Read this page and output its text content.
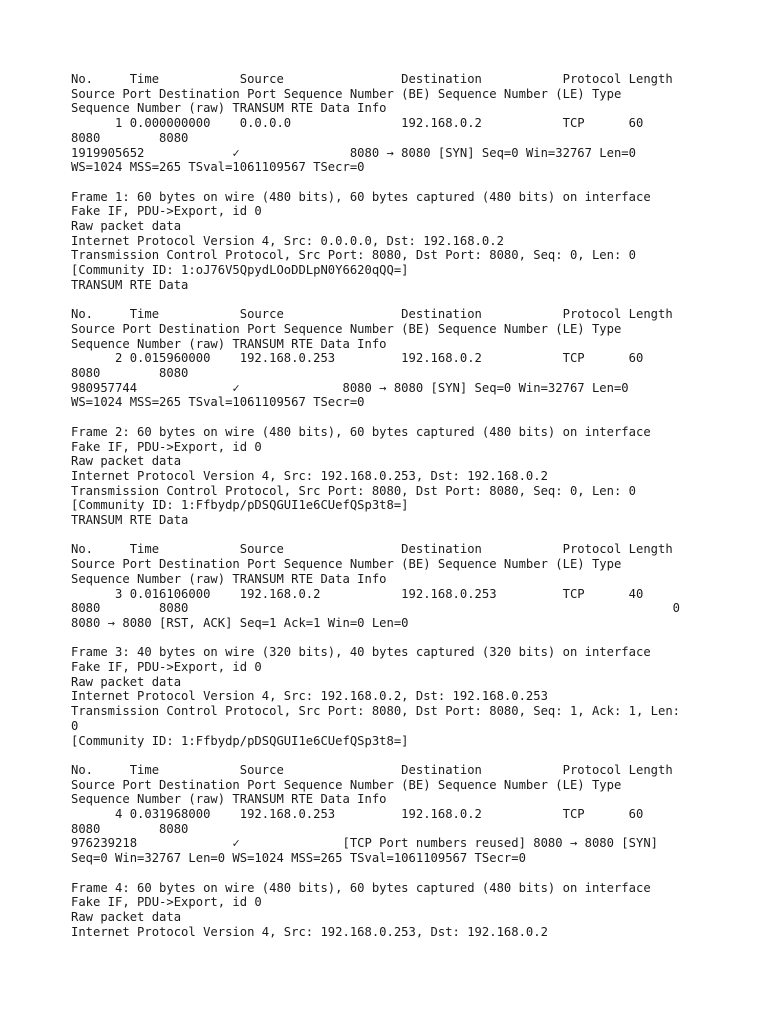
No.     Time           Source                Destination           Protocol Length
Source Port Destination Port Sequence Number (BE) Sequence Number (LE) Type
Sequence Number (raw) TRANSUM RTE Data Info
1 0.000000000    0.0.0.0               192.168.0.2           TCP      60
8080        8080
1919905652            ✓               8080 → 8080 [SYN] Seq=0 Win=32767 Len=0
WS=1024 MSS=265 TSval=1061109567 TSecr=0
Frame 1: 60 bytes on wire (480 bits), 60 bytes captured (480 bits) on interface
Fake IF, PDU->Export, id 0
Raw packet data
Internet Protocol Version 4, Src: 0.0.0.0, Dst: 192.168.0.2
Transmission Control Protocol, Src Port: 8080, Dst Port: 8080, Seq: 0, Len: 0
[Community ID: 1:oJ76V5QpydLOoDDLpN0Y6620qQQ=]
TRANSUM RTE Data
No.     Time           Source                Destination           Protocol Length
Source Port Destination Port Sequence Number (BE) Sequence Number (LE) Type
Sequence Number (raw) TRANSUM RTE Data Info
2 0.015960000    192.168.0.253         192.168.0.2           TCP      60
8080        8080
980957744             ✓              8080 → 8080 [SYN] Seq=0 Win=32767 Len=0
WS=1024 MSS=265 TSval=1061109567 TSecr=0
Frame 2: 60 bytes on wire (480 bits), 60 bytes captured (480 bits) on interface
Fake IF, PDU->Export, id 0
Raw packet data
Internet Protocol Version 4, Src: 192.168.0.253, Dst: 192.168.0.2
Transmission Control Protocol, Src Port: 8080, Dst Port: 8080, Seq: 0, Len: 0
[Community ID: 1:Ffbydp/pDSQGUI1e6CUefQSp3t8=]
TRANSUM RTE Data
No.     Time           Source                Destination           Protocol Length
Source Port Destination Port Sequence Number (BE) Sequence Number (LE) Type
Sequence Number (raw) TRANSUM RTE Data Info
3 0.016106000    192.168.0.2           192.168.0.253         TCP      40
8080        8080                                                                  0
8080 → 8080 [RST, ACK] Seq=1 Ack=1 Win=0 Len=0
Frame 3: 40 bytes on wire (320 bits), 40 bytes captured (320 bits) on interface
Fake IF, PDU->Export, id 0
Raw packet data
Internet Protocol Version 4, Src: 192.168.0.2, Dst: 192.168.0.253
Transmission Control Protocol, Src Port: 8080, Dst Port: 8080, Seq: 1, Ack: 1, Len:
0
[Community ID: 1:Ffbydp/pDSQGUI1e6CUefQSp3t8=]
No.     Time           Source                Destination           Protocol Length
Source Port Destination Port Sequence Number (BE) Sequence Number (LE) Type
Sequence Number (raw) TRANSUM RTE Data Info
4 0.031968000    192.168.0.253         192.168.0.2           TCP      60
8080        8080
976239218             ✓              [TCP Port numbers reused] 8080 → 8080 [SYN]
Seq=0 Win=32767 Len=0 WS=1024 MSS=265 TSval=1061109567 TSecr=0
Frame 4: 60 bytes on wire (480 bits), 60 bytes captured (480 bits) on interface
Fake IF, PDU->Export, id 0
Raw packet data
Internet Protocol Version 4, Src: 192.168.0.253, Dst: 192.168.0.2
